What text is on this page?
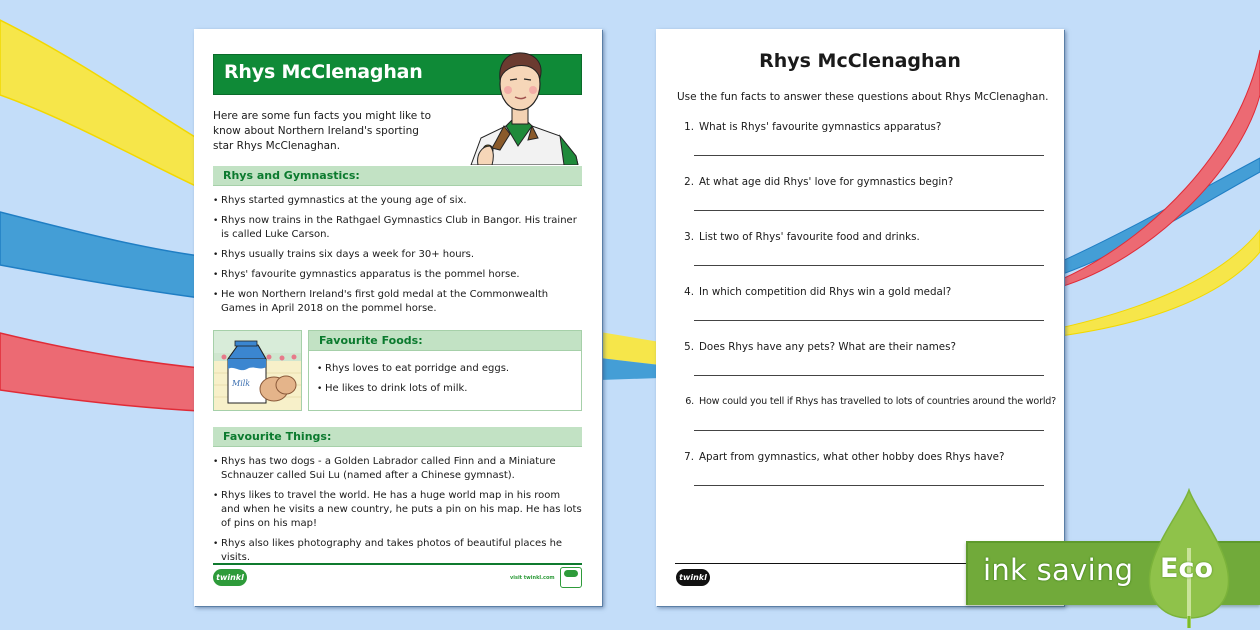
Rhys McClenaghan

Here are some fun facts you might like to know about Northern Ireland's sporting star Rhys McClenaghan.

Rhys and Gymnastics:
• Rhys started gymnastics at the young age of six.
• Rhys now trains in the Rathgael Gymnastics Club in Bangor. His trainer is called Luke Carson.
• Rhys usually trains six days a week for 30+ hours.
• Rhys' favourite gymnastics apparatus is the pommel horse.
• He won Northern Ireland's first gold medal at the Commonwealth Games in April 2018 on the pommel horse.
Milk
Favourite Foods:
• Rhys loves to eat porridge and eggs.
• He likes to drink lots of milk.
Favourite Things:
• Rhys has two dogs - a Golden Labrador called Finn and a Miniature Schnauzer called Sui Lu (named after a Chinese gymnast).
• Rhys likes to travel the world. He has a huge world map in his room and when he visits a new country, he puts a pin on his map. He has lots of pins on his map!
• Rhys also likes photography and takes photos of beautiful places he visits.
twinkl	visit twinkl.com
Rhys McClenaghan
Use the fun facts to answer these questions about Rhys McClenaghan.
1. What is Rhys' favourite gymnastics apparatus?
2. At what age did Rhys' love for gymnastics begin?
3. List two of Rhys' favourite food and drinks.
4. In which competition did Rhys win a gold medal?
5. Does Rhys have any pets? What are their names?
6. How could you tell if Rhys has travelled to lots of countries around the world?
7. Apart from gymnastics, what other hobby does Rhys have?
twinkl	ink saving Eco
